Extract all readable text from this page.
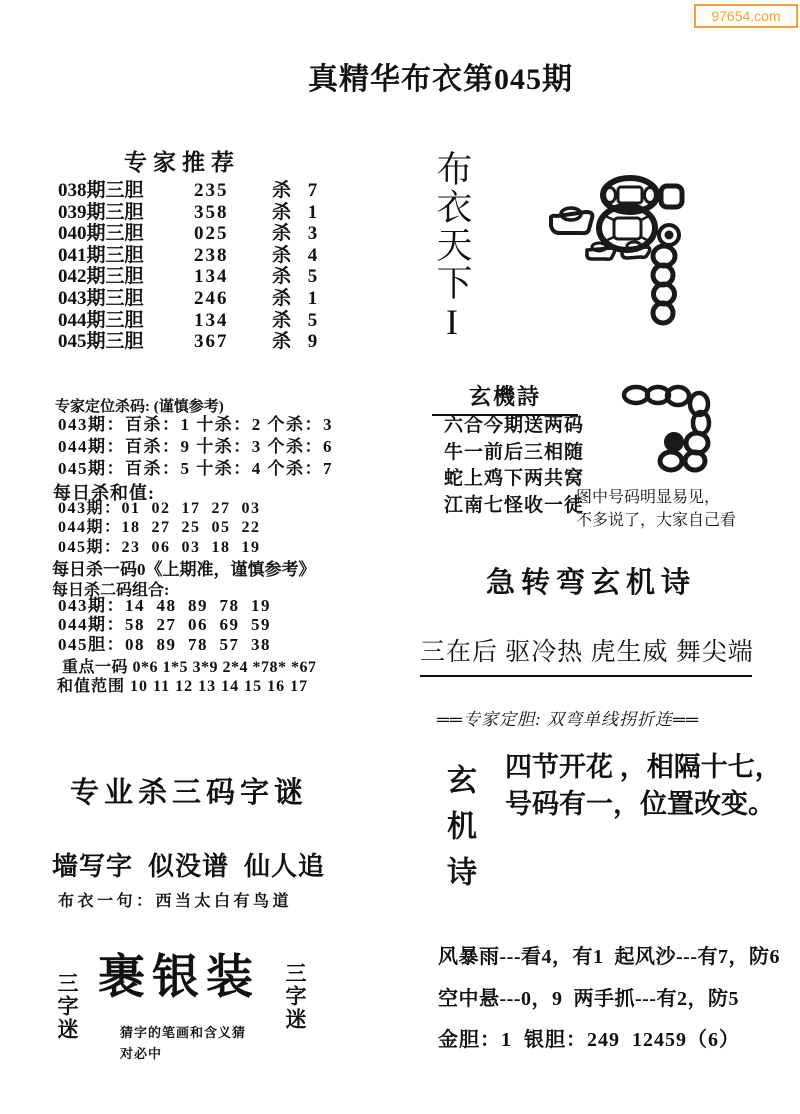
97654.com
真精华布衣第045期
专家推荐
038期三胆	235	杀 7
039期三胆	358	杀 1
040期三胆	025	杀 3
041期三胆	238	杀 4
042期三胆	134	杀 5
043期三胆	246	杀 1
044期三胆	134	杀 5
045期三胆	367	杀 9
专家定位杀码: (谨慎参考)
043期：百杀：1 十杀：2 个杀：3
044期：百杀：9 十杀：3 个杀：6
045期：百杀：5 十杀：4 个杀：7
每日杀和值:
043期：01  02  17  27  03
044期：18  27  25  05  22
045期：23  06  03  18  19
每日杀一码0《上期准，谨慎参考》
每日杀二码组合:
043期：14  48  89  78  19
044期：58  27  06  69  59
045胆：08  89  78  57  38
重点一码 0*6 1*5 3*9 2*4 *78* *67
和值范围 10 11 12 13 14 15 16 17
专业杀三码字谜
墙写字  似没谱  仙人追
布衣一句：西当太白有鸟道
三字迷 裹银装 三字迷
猜字的笔画和含义猜
对必中
布衣天下I
玄機詩
六合今期送两码
牛一前后三相随
蛇上鸡下两共窝
江南七怪收一徒
图中号码明显易见，
不多说了，大家自己看
急转弯玄机诗
三在后 驱冷热 虎生威 舞尖端
══专家定胆: 双弯单线拐折连══
玄机诗 四节开花 ，相隔十七，
号码有一，位置改变。
风暴雨---看4，有1  起风沙---有7，防6
空中悬---0，9  两手抓---有2，防5
金胆：1  银胆：249  12459（6）
